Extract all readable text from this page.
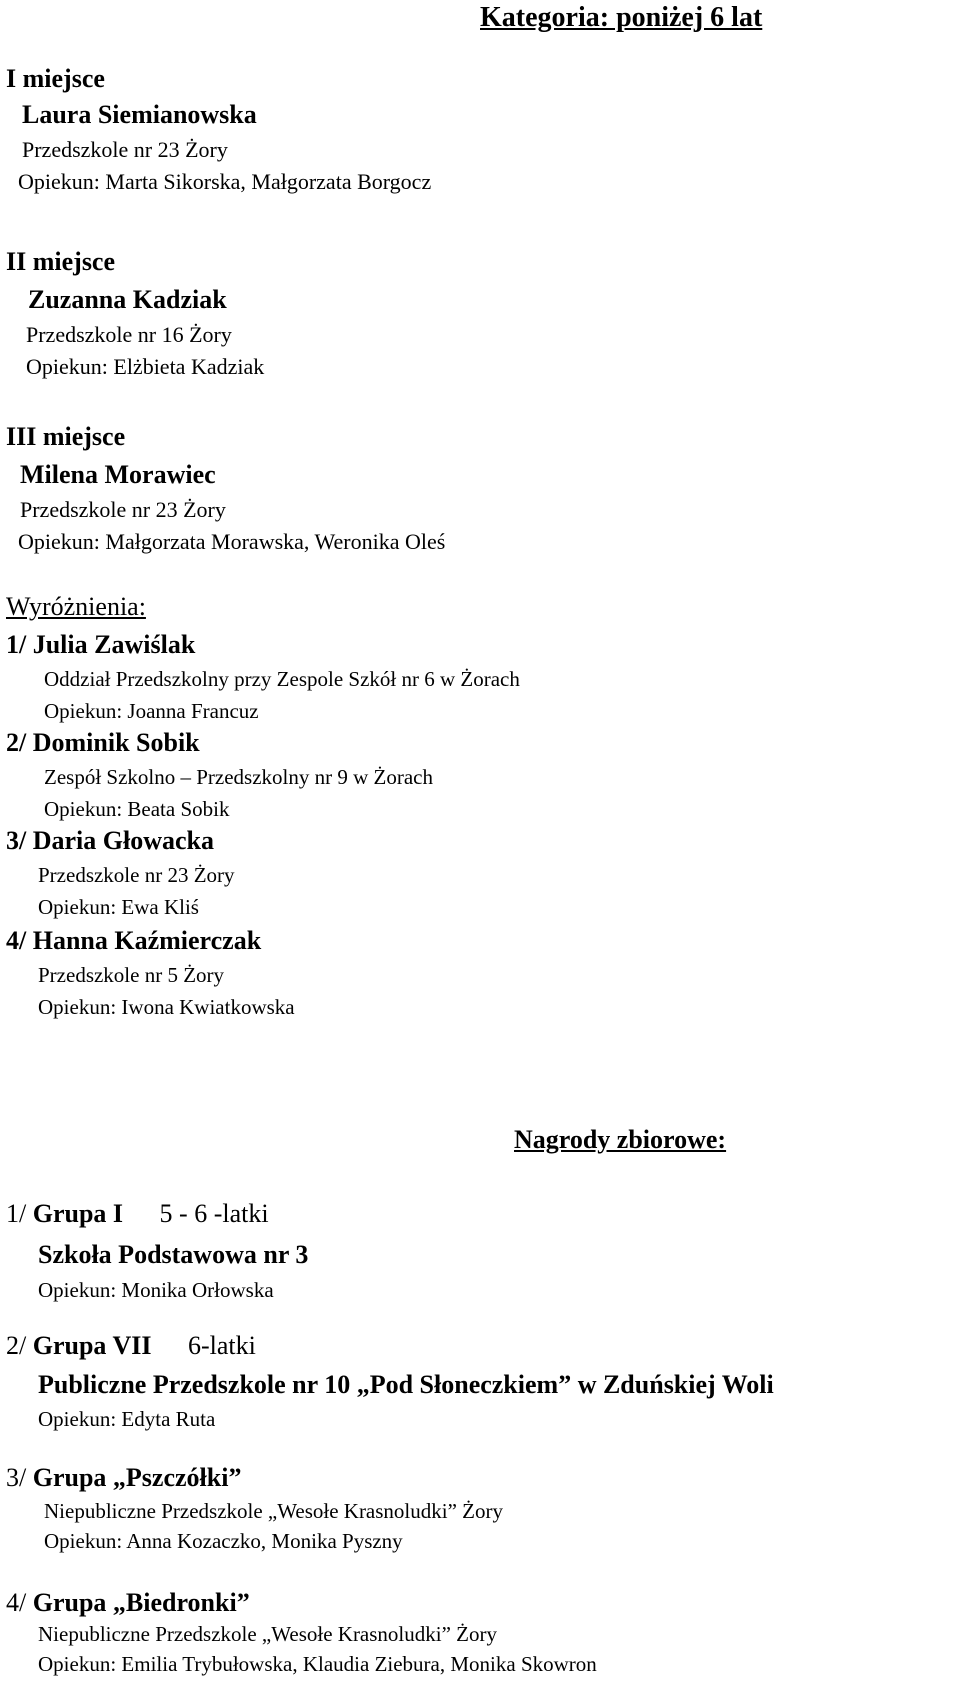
Kategoria: poniżej 6 lat
I miejsce
Laura Siemianowska
Przedszkole nr 23 Żory
Opiekun: Marta Sikorska, Małgorzata Borgocz
II miejsce
Zuzanna Kadziak
Przedszkole nr 16 Żory
Opiekun: Elżbieta Kadziak
III miejsce
Milena Morawiec
Przedszkole nr 23 Żory
Opiekun: Małgorzata Morawska, Weronika Oleś
Wyróżnienia:
1/ Julia Zawiślak
Oddział Przedszkolny przy Zespole Szkół nr 6 w Żorach
Opiekun: Joanna Francuz
2/ Dominik Sobik
Zespół Szkolno – Przedszkolny nr 9 w Żorach
Opiekun: Beata Sobik
3/ Daria Głowacka
Przedszkole nr 23 Żory
Opiekun: Ewa Kliś
4/ Hanna Kaźmierczak
Przedszkole nr 5 Żory
Opiekun: Iwona Kwiatkowska
Nagrody zbiorowe:
1/ Grupa I 5 - 6 -latki
Szkoła Podstawowa nr 3
Opiekun: Monika Orłowska
2/ Grupa VII 6-latki
Publiczne Przedszkole nr 10 „Pod Słoneczkiem” w Zduńskiej Woli
Opiekun: Edyta Ruta
3/ Grupa „Pszczółki”
Niepubliczne Przedszkole „Wesołe Krasnoludki” Żory
Opiekun: Anna Kozaczko, Monika Pyszny
4/ Grupa „Biedronki”
Niepubliczne Przedszkole „Wesołe Krasnoludki” Żory
Opiekun: Emilia Trybułowska, Klaudia Ziebura, Monika Skowron
